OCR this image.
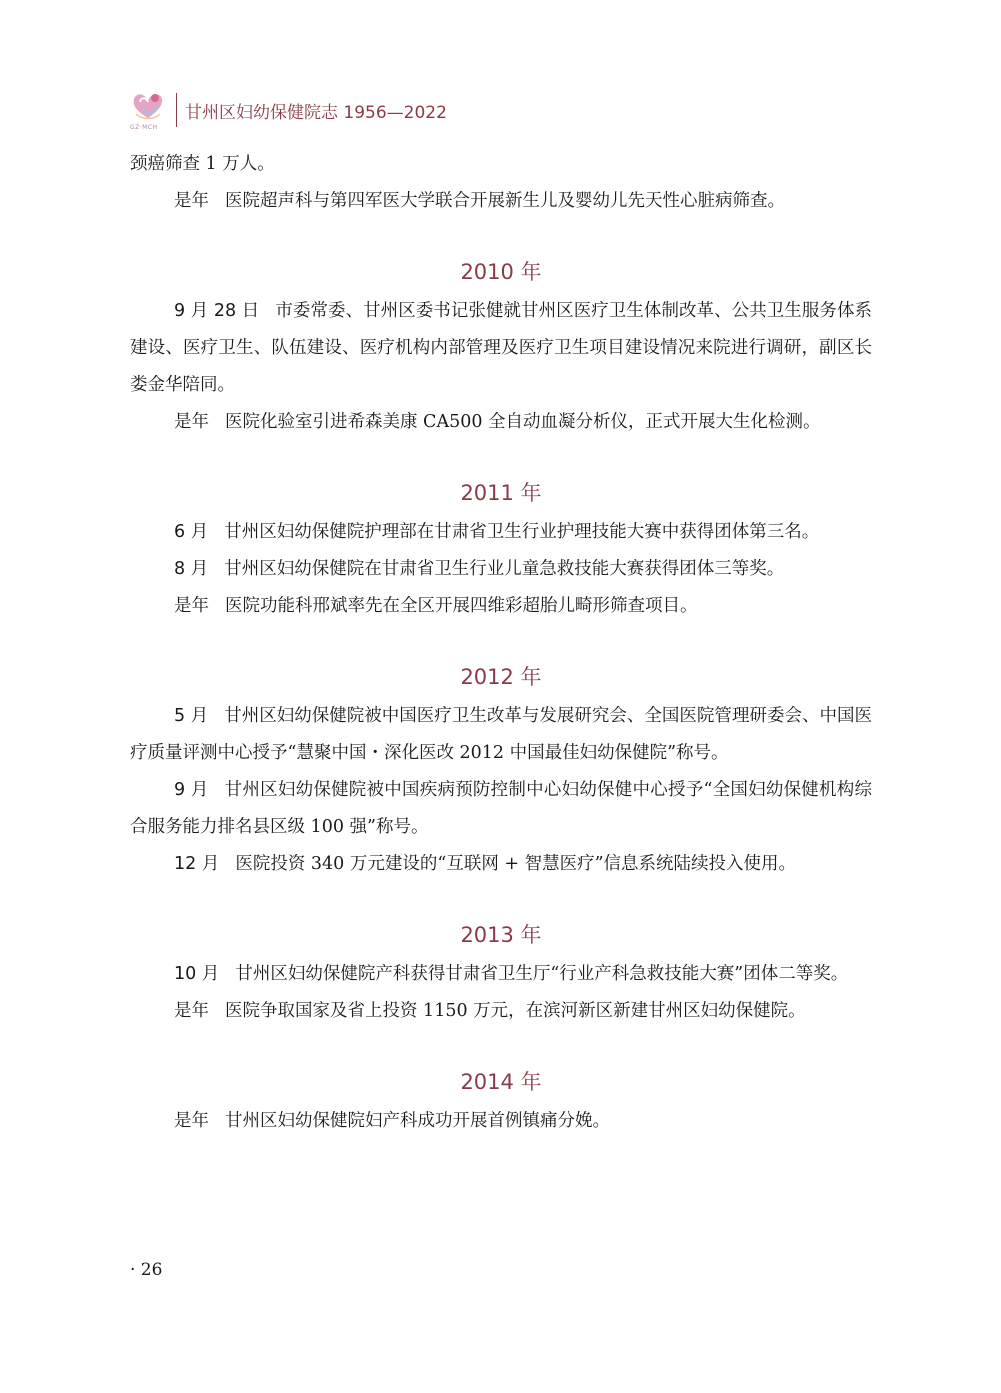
GZ·MCH
甘州区妇幼保健院志 1956—2022

颈癌筛查 1 万人。

是年 医院超声科与第四军医大学联合开展新生儿及婴幼儿先天性心脏病筛查。

2010 年

9 月 28 日 市委常委、甘州区委书记张健就甘州区医疗卫生体制改革、公共卫生服务体系建设、医疗卫生、队伍建设、医疗机构内部管理及医疗卫生项目建设情况来院进行调研，副区长娄金华陪同。

是年 医院化验室引进希森美康 CA500 全自动血凝分析仪，正式开展大生化检测。

2011 年

6 月 甘州区妇幼保健院护理部在甘肃省卫生行业护理技能大赛中获得团体第三名。

8 月 甘州区妇幼保健院在甘肃省卫生行业儿童急救技能大赛获得团体三等奖。

是年 医院功能科邢斌率先在全区开展四维彩超胎儿畸形筛查项目。

2012 年

5 月 甘州区妇幼保健院被中国医疗卫生改革与发展研究会、全国医院管理研委会、中国医疗质量评测中心授予“慧聚中国・深化医改 2012 中国最佳妇幼保健院”称号。

9 月 甘州区妇幼保健院被中国疾病预防控制中心妇幼保健中心授予“全国妇幼保健机构综合服务能力排名县区级 100 强”称号。

12 月 医院投资 340 万元建设的“互联网 + 智慧医疗”信息系统陆续投入使用。

2013 年

10 月 甘州区妇幼保健院产科获得甘肃省卫生厅“行业产科急救技能大赛”团体二等奖。

是年 医院争取国家及省上投资 1150 万元，在滨河新区新建甘州区妇幼保健院。

2014 年

是年 甘州区妇幼保健院妇产科成功开展首例镇痛分娩。

· 26
